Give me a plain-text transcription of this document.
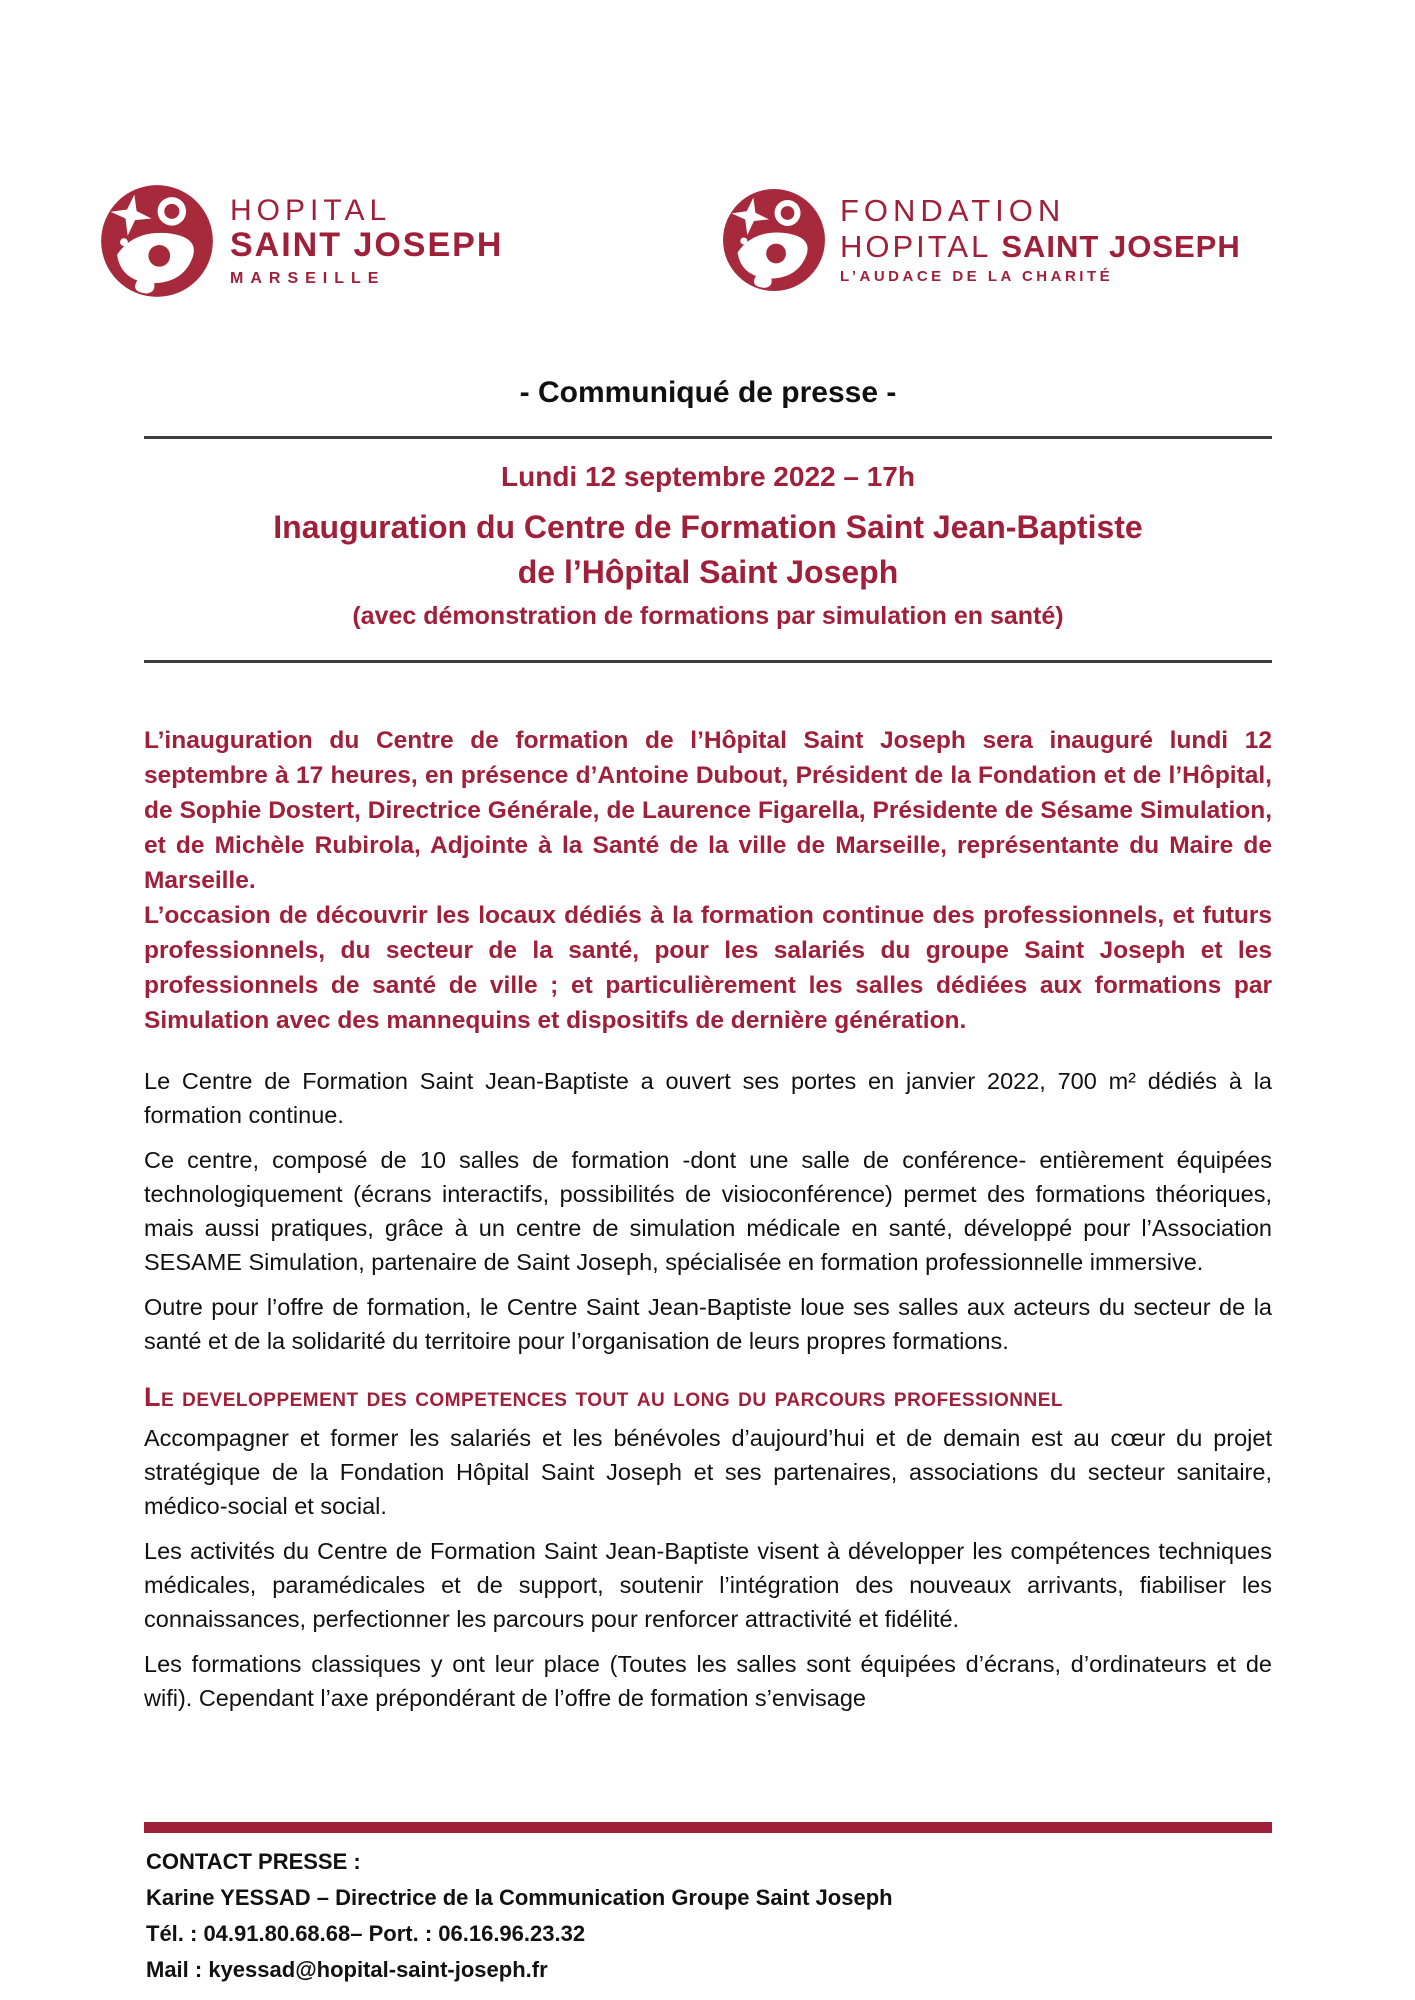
HOPITAL
SAINT JOSEPH
MARSEILLE
FONDATION
HOPITAL SAINT JOSEPH
L’AUDACE DE LA CHARITÉ
- Communiqué de presse -
Lundi 12 septembre 2022 – 17h
Inauguration du Centre de Formation Saint Jean-Baptiste
de l’Hôpital Saint Joseph
(avec démonstration de formations par simulation en santé)

L’inauguration du Centre de formation de l’Hôpital Saint Joseph sera inauguré lundi 12 septembre à 17 heures, en présence d’Antoine Dubout, Président de la Fondation et de l’Hôpital, de Sophie Dostert, Directrice Générale, de Laurence Figarella, Présidente de Sésame Simulation, et de Michèle Rubirola, Adjointe à la Santé de la ville de Marseille, représentante du Maire de Marseille.

L’occasion de découvrir les locaux dédiés à la formation continue des professionnels, et futurs professionnels, du secteur de la santé, pour les salariés du groupe Saint Joseph et les professionnels de santé de ville ; et particulièrement les salles dédiées aux formations par Simulation avec des mannequins et dispositifs de dernière génération.

Le Centre de Formation Saint Jean-Baptiste a ouvert ses portes en janvier 2022, 700 m² dédiés à la formation continue.

Ce centre, composé de 10 salles de formation -dont une salle de conférence- entièrement équipées technologiquement (écrans interactifs, possibilités de visioconférence) permet des formations théoriques, mais aussi pratiques, grâce à un centre de simulation médicale en santé, développé pour l’Association SESAME Simulation, partenaire de Saint Joseph, spécialisée en formation professionnelle immersive.

Outre pour l’offre de formation, le Centre Saint Jean-Baptiste loue ses salles aux acteurs du secteur de la santé et de la solidarité du territoire pour l’organisation de leurs propres formations.

Le developpement des competences tout au long du parcours professionnel

Accompagner et former les salariés et les bénévoles d’aujourd’hui et de demain est au cœur du projet stratégique de la Fondation Hôpital Saint Joseph et ses partenaires, associations du secteur sanitaire, médico-social et social.

Les activités du Centre de Formation Saint Jean-Baptiste visent à développer les compétences techniques médicales, paramédicales et de support, soutenir l’intégration des nouveaux arrivants, fiabiliser les connaissances, perfectionner les parcours pour renforcer attractivité et fidélité.

Les formations classiques y ont leur place (Toutes les salles sont équipées d’écrans, d’ordinateurs et de wifi). Cependant l’axe prépondérant de l’offre de formation s’envisage

CONTACT PRESSE :
Karine YESSAD – Directrice de la Communication Groupe Saint Joseph
Tél. : 04.91.80.68.68– Port. : 06.16.96.23.32
Mail : kyessad@hopital-saint-joseph.fr
